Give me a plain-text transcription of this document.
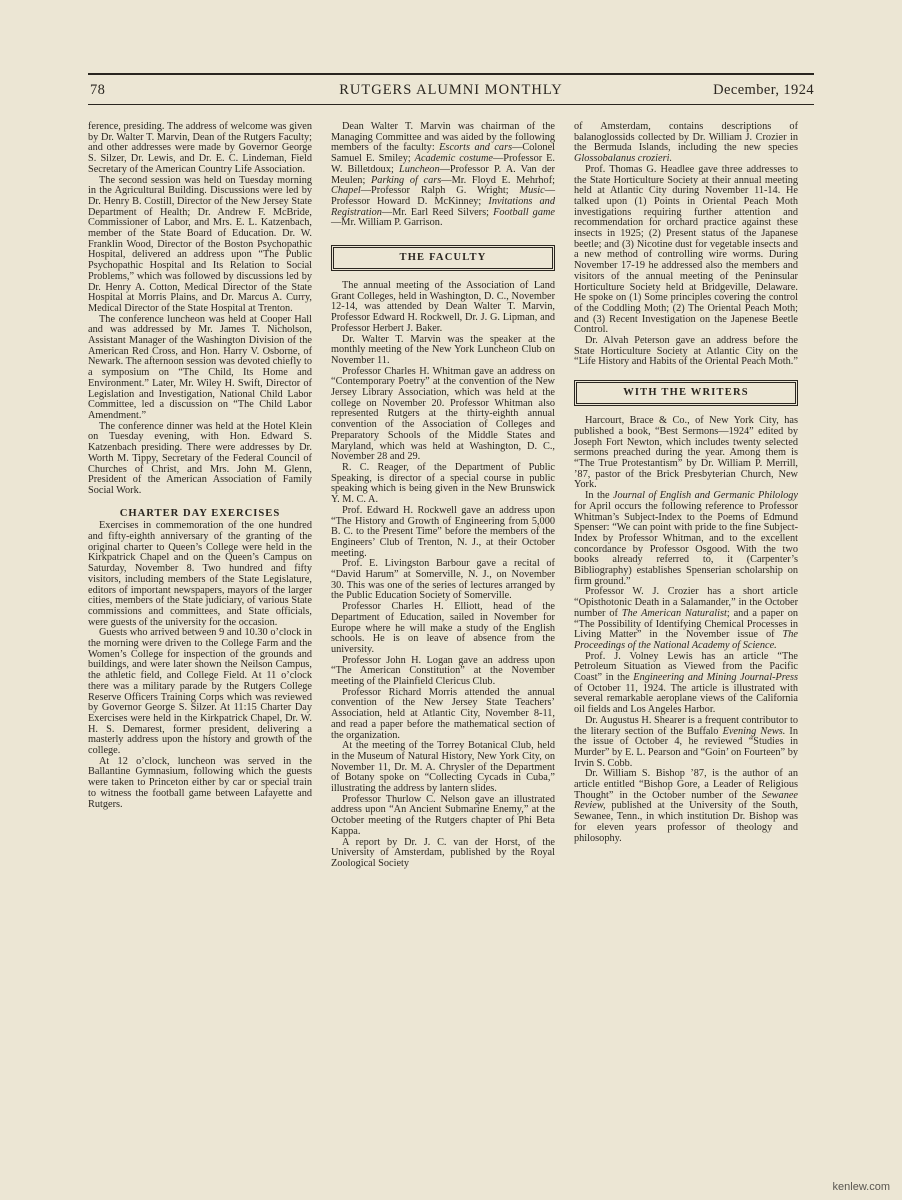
78	RUTGERS ALUMNI MONTHLY	December, 1924

ference, presiding. The address of welcome was given by Dr. Walter T. Marvin, Dean of the Rutgers Faculty; and other addresses were made by Governor George S. Silzer, Dr. Lewis, and Dr. E. C. Lindeman, Field Secretary of the American Country Life Association.

The second session was held on Tuesday morning in the Agricultural Building. Discussions were led by Dr. Henry B. Costill, Director of the New Jersey State Department of Health; Dr. Andrew F. McBride, Commissioner of Labor, and Mrs. E. L. Katzenbach, member of the State Board of Education. Dr. W. Franklin Wood, Director of the Boston Psychopathic Hospital, delivered an address upon “The Public Psychopathic Hospital and Its Relation to Social Problems,” which was followed by discussions led by Dr. Henry A. Cotton, Medical Director of the State Hospital at Morris Plains, and Dr. Marcus A. Curry, Medical Director of the State Hospital at Trenton.

The conference luncheon was held at Cooper Hall and was addressed by Mr. James T. Nicholson, Assistant Manager of the Washington Division of the American Red Cross, and Hon. Harry V. Osborne, of Newark. The afternoon session was devoted chiefly to a symposium on “The Child, Its Home and Environment.” Later, Mr. Wiley H. Swift, Director of Legislation and Investigation, National Child Labor Committee, led a discussion on “The Child Labor Amendment.”

The conference dinner was held at the Hotel Klein on Tuesday evening, with Hon. Edward S. Katzenbach presiding. There were addresses by Dr. Worth M. Tippy, Secretary of the Federal Council of Churches of Christ, and Mrs. John M. Glenn, President of the American Association of Family Social Work.

CHARTER DAY EXERCISES

Exercises in commemoration of the one hundred and fifty-eighth anniversary of the granting of the original charter to Queen’s College were held in the Kirkpatrick Chapel and on the Queen’s Campus on Saturday, November 8. Two hundred and fifty visitors, including members of the State Legislature, editors of important newspapers, mayors of the larger cities, members of the State judiciary, of various State commissions and committees, and State officials, were guests of the university for the occasion.

Guests who arrived between 9 and 10.30 o’clock in the morning were driven to the College Farm and the Women’s College for inspection of the grounds and buildings, and were later shown the Neilson Campus, the athletic field, and College Field. At 11 o’clock there was a military parade by the Rutgers College Reserve Officers Training Corps which was reviewed by Governor George S. Silzer. At 11:15 Charter Day Exercises were held in the Kirkpatrick Chapel, Dr. W. H. S. Demarest, former president, delivering a masterly address upon the history and growth of the college.

At 12 o’clock, luncheon was served in the Ballantine Gymnasium, following which the guests were taken to Princeton either by car or special train to witness the football game between Lafayette and Rutgers.

Dean Walter T. Marvin was chairman of the Managing Committee and was aided by the following members of the faculty: Escorts and cars—Colonel Samuel E. Smiley; Academic costume—Professor E. W. Billetdoux; Luncheon—Professor P. A. Van der Meulen; Parking of cars—Mr. Floyd E. Mehrhof; Chapel—Professor Ralph G. Wright; Music—Professor Howard D. McKinney; Invitations and Registration—Mr. Earl Reed Silvers; Football game—Mr. William P. Garrison.

THE FACULTY

The annual meeting of the Association of Land Grant Colleges, held in Washington, D. C., November 12-14, was attended by Dean Walter T. Marvin, Professor Edward H. Rockwell, Dr. J. G. Lipman, and Professor Herbert J. Baker.

Dr. Walter T. Marvin was the speaker at the monthly meeting of the New York Luncheon Club on November 11.

Professor Charles H. Whitman gave an address on “Contemporary Poetry” at the convention of the New Jersey Library Association, which was held at the college on November 20. Professor Whitman also represented Rutgers at the thirty-eighth annual convention of the Association of Colleges and Preparatory Schools of the Middle States and Maryland, which was held at Washington, D. C., November 28 and 29.

R. C. Reager, of the Department of Public Speaking, is director of a special course in public speaking which is being given in the New Brunswick Y. M. C. A.

Prof. Edward H. Rockwell gave an address upon “The History and Growth of Engineering from 5,000 B. C. to the Present Time” before the members of the Engineers’ Club of Trenton, N. J., at their October meeting.

Prof. E. Livingston Barbour gave a recital of “David Harum” at Somerville, N. J., on November 30. This was one of the series of lectures arranged by the Public Education Society of Somerville.

Professor Charles H. Elliott, head of the Department of Education, sailed in November for Europe where he will make a study of the English schools. He is on leave of absence from the university.

Professor John H. Logan gave an address upon “The American Constitution” at the November meeting of the Plainfield Clericus Club.

Professor Richard Morris attended the annual convention of the New Jersey State Teachers’ Association, held at Atlantic City, November 8-11, and read a paper before the mathematical section of the organization.

At the meeting of the Torrey Botanical Club, held in the Museum of Natural History, New York City, on November 11, Dr. M. A. Chrysler of the Department of Botany spoke on “Collecting Cycads in Cuba,” illustrating the address by lantern slides.

Professor Thurlow C. Nelson gave an illustrated address upon “An Ancient Submarine Enemy,” at the October meeting of the Rutgers chapter of Phi Beta Kappa.

A report by Dr. J. C. van der Horst, of the University of Amsterdam, published by the Royal Zoological Society

of Amsterdam, contains descriptions of balanoglossids collected by Dr. William J. Crozier in the Bermuda Islands, including the new species Glossobalanus crozieri.

Prof. Thomas G. Headlee gave three addresses to the State Horticulture Society at their annual meeting held at Atlantic City during November 11-14. He talked upon (1) Points in Oriental Peach Moth investigations requiring further attention and recommendation for orchard practice against these insects in 1925; (2) Present status of the Japanese beetle; and (3) Nicotine dust for vegetable insects and a new method of controlling wire worms. During November 17-19 he addressed also the members and visitors of the annual meeting of the Peninsular Horticulture Society held at Bridgeville, Delaware. He spoke on (1) Some principles covering the control of the Coddling Moth; (2) The Oriental Peach Moth; and (3) Recent Investigation on the Japenese Beetle Control.

Dr. Alvah Peterson gave an address before the State Horticulture Society at Atlantic City on the “Life History and Habits of the Oriental Peach Moth.”

WITH THE WRITERS

Harcourt, Brace & Co., of New York City, has published a book, “Best Sermons—1924” edited by Joseph Fort Newton, which includes twenty selected sermons preached during the year. Among them is “The True Protestantism” by Dr. William P. Merrill, ’87, pastor of the Brick Presbyterian Church, New York.

In the Journal of English and Germanic Philology for April occurs the following reference to Professor Whitman’s Subject-Index to the Poems of Edmund Spenser: “We can point with pride to the fine Subject-Index by Professor Whitman, and to the excellent concordance by Professor Osgood. With the two books already referred to, it (Carpenter’s Bibliography) establishes Spenserian scholarship on firm ground.”

Professor W. J. Crozier has a short article “Opisthotonic Death in a Salamander,” in the October number of The American Naturalist; and a paper on “The Possibility of Identifying Chemical Processes in Living Matter” in the November issue of The Proceedings of the National Academy of Science.

Prof. J. Volney Lewis has an article “The Petroleum Situation as Viewed from the Pacific Coast” in the Engineering and Mining Journal-Press of October 11, 1924. The article is illustrated with several remarkable aeroplane views of the California oil fields and Los Angeles Harbor.

Dr. Augustus H. Shearer is a frequent contributor to the literary section of the Buffalo Evening News. In the issue of October 4, he reviewed “Studies in Murder” by E. L. Pearson and “Goin’ on Fourteen” by Irvin S. Cobb.

Dr. William S. Bishop ’87, is the author of an article entitled “Bishop Gore, a Leader of Religious Thought” in the October number of the Sewanee Review, published at the University of the South, Sewanee, Tenn., in which institution Dr. Bishop was for eleven years professor of theology and philosophy.

kenlew.com
